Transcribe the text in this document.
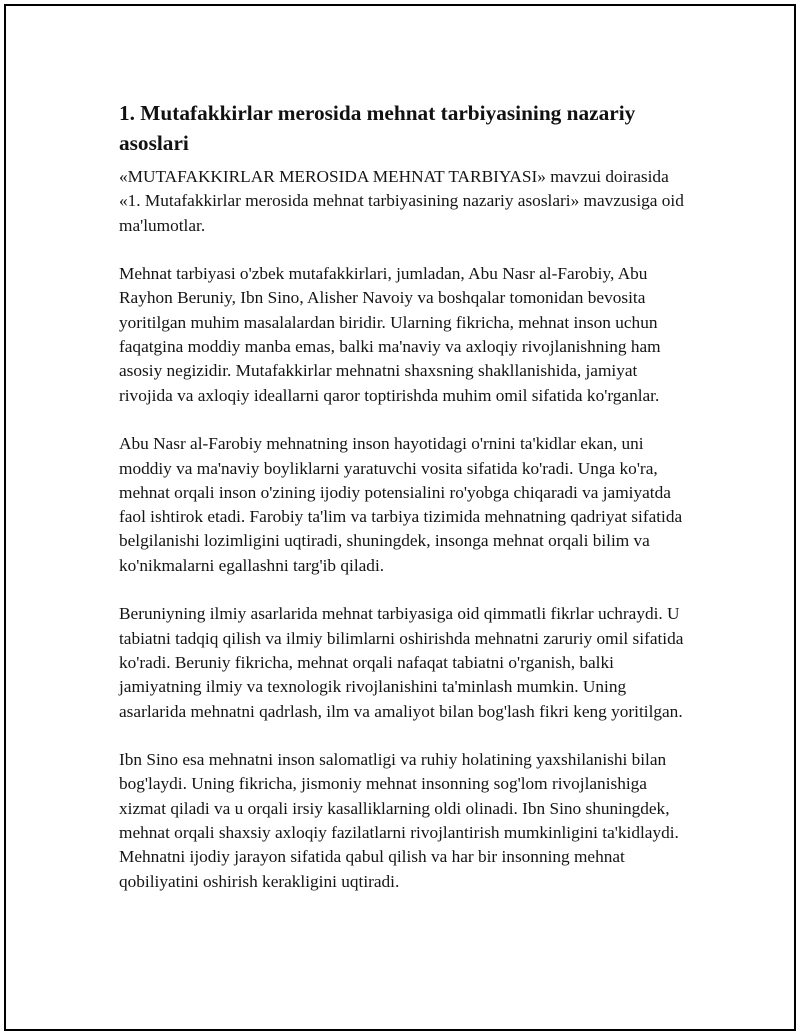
1. Mutafakkirlar merosida mehnat tarbiyasining nazariy asoslari

«MUTAFAKKIRLAR MEROSIDA MEHNAT TARBIYASI» mavzui doirasida «1. Mutafakkirlar merosida mehnat tarbiyasining nazariy asoslari» mavzusiga oid ma'lumotlar.

Mehnat tarbiyasi o'zbek mutafakkirlari, jumladan, Abu Nasr al-Farobiy, Abu Rayhon Beruniy, Ibn Sino, Alisher Navoiy va boshqalar tomonidan bevosita yoritilgan muhim masalalardan biridir. Ularning fikricha, mehnat inson uchun faqatgina moddiy manba emas, balki ma'naviy va axloqiy rivojlanishning ham asosiy negizidir. Mutafakkirlar mehnatni shaxsning shakllanishida, jamiyat rivojida va axloqiy ideallarni qaror toptirishda muhim omil sifatida ko'rganlar.

Abu Nasr al-Farobiy mehnatning inson hayotidagi o'rnini ta'kidlar ekan, uni moddiy va ma'naviy boyliklarni yaratuvchi vosita sifatida ko'radi. Unga ko'ra, mehnat orqali inson o'zining ijodiy potensialini ro'yobga chiqaradi va jamiyatda faol ishtirok etadi. Farobiy ta'lim va tarbiya tizimida mehnatning qadriyat sifatida belgilanishi lozimligini uqtiradi, shuningdek, insonga mehnat orqali bilim va ko'nikmalarni egallashni targ'ib qiladi.

Beruniyning ilmiy asarlarida mehnat tarbiyasiga oid qimmatli fikrlar uchraydi. U tabiatni tadqiq qilish va ilmiy bilimlarni oshirishda mehnatni zaruriy omil sifatida ko'radi. Beruniy fikricha, mehnat orqali nafaqat tabiatni o'rganish, balki jamiyatning ilmiy va texnologik rivojlanishini ta'minlash mumkin. Uning asarlarida mehnatni qadrlash, ilm va amaliyot bilan bog'lash fikri keng yoritilgan.

Ibn Sino esa mehnatni inson salomatligi va ruhiy holatining yaxshilanishi bilan bog'laydi. Uning fikricha, jismoniy mehnat insonning sog'lom rivojlanishiga xizmat qiladi va u orqali irsiy kasalliklarning oldi olinadi. Ibn Sino shuningdek, mehnat orqali shaxsiy axloqiy fazilatlarni rivojlantirish mumkinligini ta'kidlaydi. Mehnatni ijodiy jarayon sifatida qabul qilish va har bir insonning mehnat qobiliyatini oshirish kerakligini uqtiradi.
